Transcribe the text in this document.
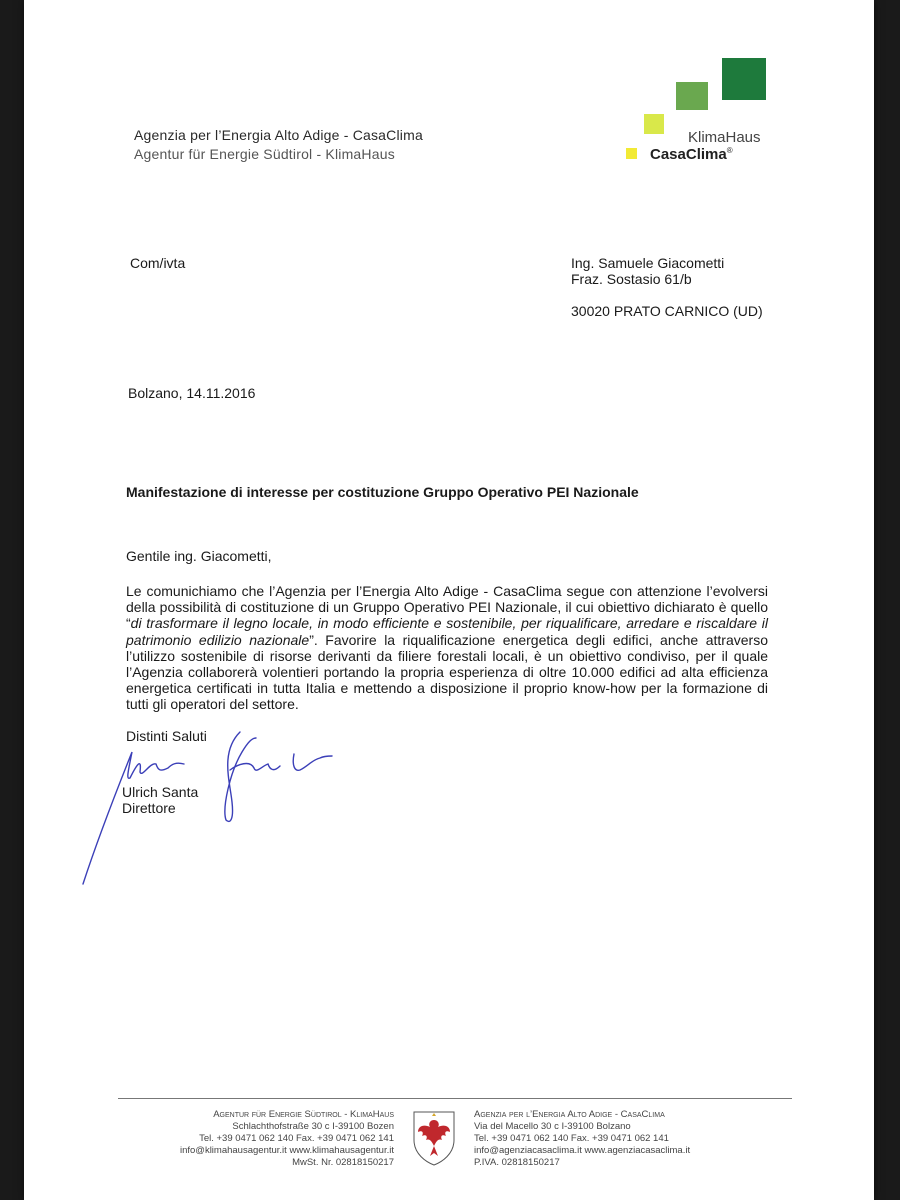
Agenzia per l’Energia Alto Adige - CasaClima
Agentur für Energie Südtirol - KlimaHaus
KlimaHaus
CasaClima®
Com/ivta	Ing. Samuele Giacometti
Fraz. Sostasio 61/b
30020 PRATO CARNICO (UD)
Bolzano, 14.11.2016
Manifestazione di interesse per costituzione Gruppo Operativo PEI Nazionale
Gentile ing. Giacometti,
Le comunichiamo che l’Agenzia per l’Energia Alto Adige - CasaClima segue con attenzione l’evolversi della possibilità di costituzione di un Gruppo Operativo PEI Nazionale, il cui obiettivo dichiarato è quello “di trasformare il legno locale, in modo efficiente e sostenibile, per riqualificare, arredare e riscaldare il patrimonio edilizio nazionale”. Favorire la riqualificazione energetica degli edifici, anche attraverso l’utilizzo sostenibile di risorse derivanti da filiere forestali locali, è un obiettivo condiviso, per il quale l’Agenzia collaborerà volentieri portando la propria esperienza di oltre 10.000 edifici ad alta efficienza energetica certificati in tutta Italia e mettendo a disposizione il proprio know-how per la formazione di tutti gli operatori del settore.
Distinti Saluti
Ulrich Santa
Direttore
Agentur für Energie Südtirol - KlimaHaus
Schlachthofstraße 30 c I-39100 Bozen
Tel. +39 0471 062 140 Fax. +39 0471 062 141
info@klimahausagentur.it www.klimahausagentur.it
MwSt. Nr. 02818150217
Agenzia per l’Energia Alto Adige - CasaClima
Via del Macello 30 c I-39100 Bolzano
Tel. +39 0471 062 140 Fax. +39 0471 062 141
info@agenziacasaclima.it www.agenziacasaclima.it
P.IVA. 02818150217
